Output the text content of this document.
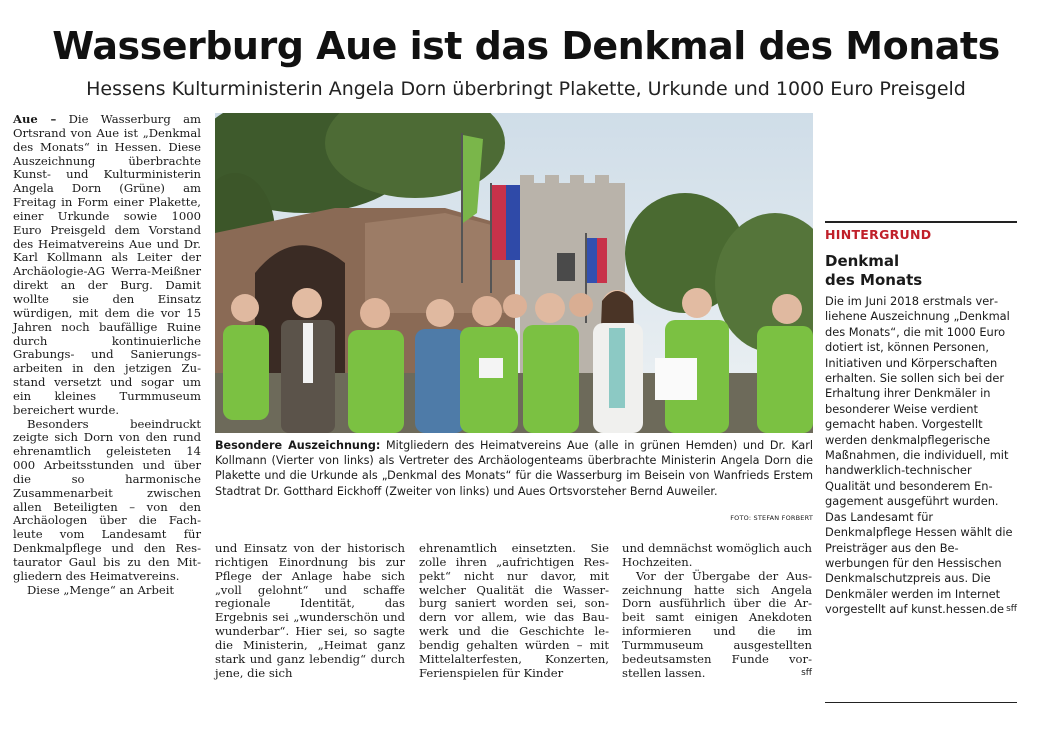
Wasserburg Aue ist das Denkmal des Monats
Hessens Kulturministerin Angela Dorn überbringt Plakette, Urkunde und 1000 Euro Preisgeld

Aue – Die Wasserburg am Ortsrand von Aue ist „Denkmal des Monats“ in Hessen. Diese Auszeichnung überbrachte Kunst- und Kulturministerin Angela Dorn (Grüne) am Freitag in Form einer Plakette, einer Urkunde sowie 1000 Euro Preisgeld dem Vorstand des Heimatvereins Aue und Dr. Karl Kollmann als Leiter der Archäologie-AG Werra-Meißner direkt an der Burg. Damit wollte sie den Einsatz würdigen, mit dem die vor 15 Jahren noch baufällige Ruine durch kontinuierliche Grabungs- und Sanierungsarbeiten in den jetzigen Zustand versetzt und sogar um ein kleines Turmmuseum bereichert wurde.

Besonders beeindruckt zeigte sich Dorn von den rund ehrenamtlich geleisteten 14 000 Arbeitsstunden und über die so harmonische Zusammenarbeit zwischen allen Beteiligten – von den Archäologen über die Fachleute vom Landesamt für Denkmalpflege und den Restaurator Gaul bis zu den Mitgliedern des Heimatvereins.

Diese „Menge“ an Arbeit

Besondere Auszeichnung: Mitgliedern des Heimatvereins Aue (alle in grünen Hemden) und Dr. Karl Kollmann (Vierter von links) als Vertreter des Archäologenteams überbrachte Ministerin Angela Dorn die Plakette und die Urkunde als „Denkmal des Monats“ für die Wasserburg im Beisein von Wanfrieds Erstem Stadtrat Dr. Gotthard Eickhoff (Zweiter von links) und Aues Ortsvorsteher Bernd Auweiler.
FOTO: STEFAN FORBERT

und Einsatz von der historisch richtigen Einordnung bis zur Pflege der Anlage habe sich „voll gelohnt“ und schaffe regionale Identität, das Ergebnis sei „wunderschön und wunderbar“. Hier sei, so sagte die Ministerin, „Heimat ganz stark und ganz lebendig“ durch jene, die sich

ehrenamtlich einsetzten. Sie zolle ihren „aufrichtigen Respekt“ nicht nur davor, mit welcher Qualität die Wasserburg saniert worden sei, sondern vor allem, wie das Bauwerk und die Geschichte lebendig gehalten würden – mit Mittelalterfesten, Konzerten, Ferienspielen für Kinder

und demnächst womöglich auch Hochzeiten.

Vor der Übergabe der Auszeichnung hatte sich Angela Dorn ausführlich über die Arbeit samt einigen Anekdoten informieren und die im Turmmuseum ausgestellten bedeutsamsten Funde vorstellen lassen.	sff

HINTERGRUND
Denkmal
des Monats
Die im Juni 2018 erstmals verliehene Auszeichnung „Denkmal des Monats“, die mit 1000 Euro dotiert ist, können Personen, Initiativen und Körperschaften erhalten. Sie sollen sich bei der Erhaltung ihrer Denkmäler in besonderer Weise verdient gemacht haben. Vorgestellt werden denkmalpflegerische Maßnahmen, die individuell, mit handwerklich-technischer Qualität und besonderem Engagement ausgeführt wurden. Das Landesamt für Denkmalpflege Hessen wählt die Preisträger aus den Bewerbungen für den Hessischen Denkmalschutzpreis aus. Die Denkmäler werden im Internet vorgestellt auf kunst.hessen.de sff
